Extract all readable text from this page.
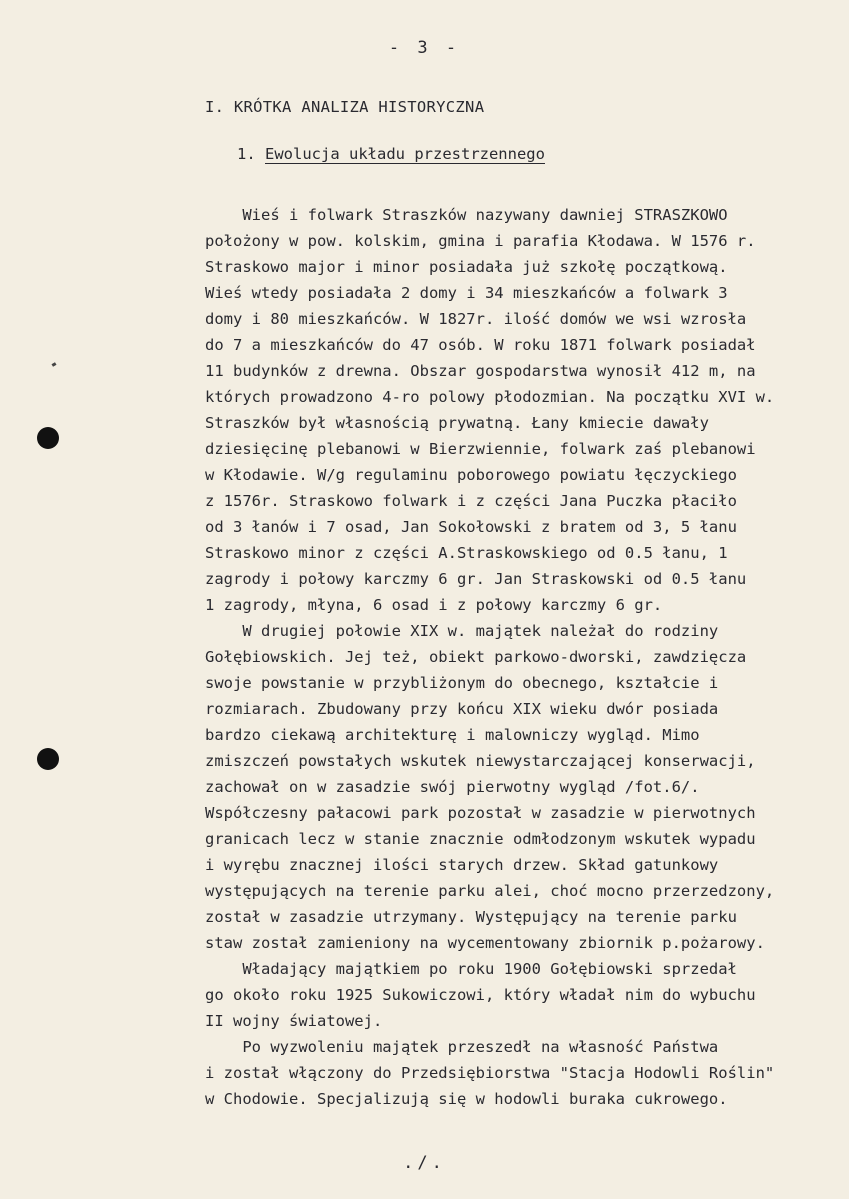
- 3 -
I. KRÓTKA ANALIZA HISTORYCZNA
1. Ewolucja układu przestrzennego
Wieś i folwark Straszków nazywany dawniej STRASZKOWO
położony w pow. kolskim, gmina i parafia Kłodawa. W 1576 r.
Straskowo major i minor posiadała już szkołę początkową.
Wieś wtedy posiadała 2 domy i 34 mieszkańców a folwark 3
domy i 80 mieszkańców. W 1827r. ilość domów we wsi wzrosła
do 7 a mieszkańców do 47 osób. W roku 1871 folwark posiadał
11 budynków z drewna. Obszar gospodarstwa wynosił 412 m, na
których prowadzono 4-ro polowy płodozmian. Na początku XVI w.
Straszków był własnością prywatną. Łany kmiecie dawały
dziesięcinę plebanowi w Bierzwiennie, folwark zaś plebanowi
w Kłodawie. W/g regulaminu poborowego powiatu łęczyckiego
z 1576r. Straskowo folwark i z części Jana Puczka płaciło
od 3 łanów i 7 osad, Jan Sokołowski z bratem od 3, 5 łanu
Straskowo minor z części A.Straskowskiego od 0.5 łanu, 1
zagrody i połowy karczmy 6 gr. Jan Straskowski od 0.5 łanu
1 zagrody, młyna, 6 osad i z połowy karczmy 6 gr.
W drugiej połowie XIX w. majątek należał do rodziny
Gołębiowskich. Jej też, obiekt parkowo-dworski, zawdzięcza
swoje powstanie w przybliżonym do obecnego, kształcie i
rozmiarach. Zbudowany przy końcu XIX wieku dwór posiada
bardzo ciekawą architekturę i malowniczy wygląd. Mimo
zmiszczeń powstałych wskutek niewystarczającej konserwacji,
zachował on w zasadzie swój pierwotny wygląd /fot.6/.
Współczesny pałacowi park pozostał w zasadzie w pierwotnych
granicach lecz w stanie znacznie odmłodzonym wskutek wypadu
i wyrębu znacznej ilości starych drzew. Skład gatunkowy
występujących na terenie parku alei, choć mocno przerzedzony,
został w zasadzie utrzymany. Występujący na terenie parku
staw został zamieniony na wycementowany zbiornik p.pożarowy.
Władający majątkiem po roku 1900 Gołębiowski sprzedał
go około roku 1925 Sukowiczowi, który władał nim do wybuchu
II wojny światowej.
Po wyzwoleniu majątek przeszedł na własność Państwa
i został włączony do Przedsiębiorstwa "Stacja Hodowli Roślin"
w Chodowie. Specjalizują się w hodowli buraka cukrowego.
./.
